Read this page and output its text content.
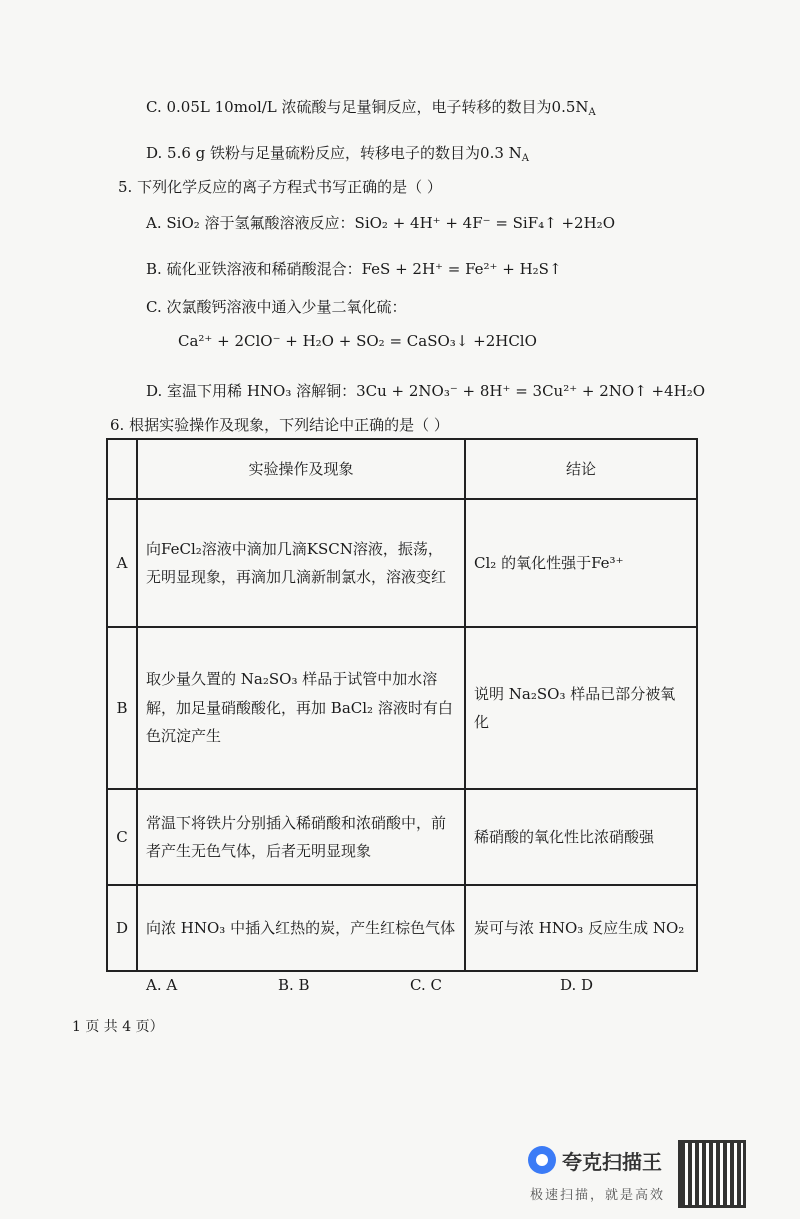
C. 0.05L 10mol/L 浓硫酸与足量铜反应，电子转移的数目为$0.5N_A$
D. 5.6 g 铁粉与足量硫粉反应，转移电子的数目为0.3 $N_A$
5. 下列化学反应的离子方程式书写正确的是（ ）
A. SiO₂ 溶于氢氟酸溶液反应：SiO₂ + 4H⁺ + 4F⁻ = SiF₄↑ +2H₂O
B. 硫化亚铁溶液和稀硝酸混合：FeS + 2H⁺ = Fe²⁺ + H₂S↑
C. 次氯酸钙溶液中通入少量二氧化硫：
Ca²⁺ + 2ClO⁻ + H₂O + SO₂ = CaSO₃↓ +2HClO
D. 室温下用稀 HNO₃ 溶解铜：3Cu + 2NO₃⁻ + 8H⁺ = 3Cu²⁺ + 2NO↑ +4H₂O
6. 根据实验操作及现象，下列结论中正确的是（ ）
	实验操作及现象	结论
A	向FeCl₂溶液中滴加几滴KSCN溶液，振荡，无明显现象，再滴加几滴新制氯水，溶液变红	Cl₂ 的氧化性强于Fe³⁺
B	取少量久置的 Na₂SO₃ 样品于试管中加水溶解，加足量硝酸酸化，再加 BaCl₂ 溶液时有白色沉淀产生	说明 Na₂SO₃ 样品已部分被氧化
C	常温下将铁片分别插入稀硝酸和浓硝酸中，前者产生无色气体，后者无明显现象	稀硝酸的氧化性比浓硝酸强
D	向浓 HNO₃ 中插入红热的炭，产生红棕色气体	炭可与浓 HNO₃ 反应生成 NO₂
A. A	B. B	C. C	D. D
1 页 共 4 页）
夸克扫描王
极速扫描，就是高效
